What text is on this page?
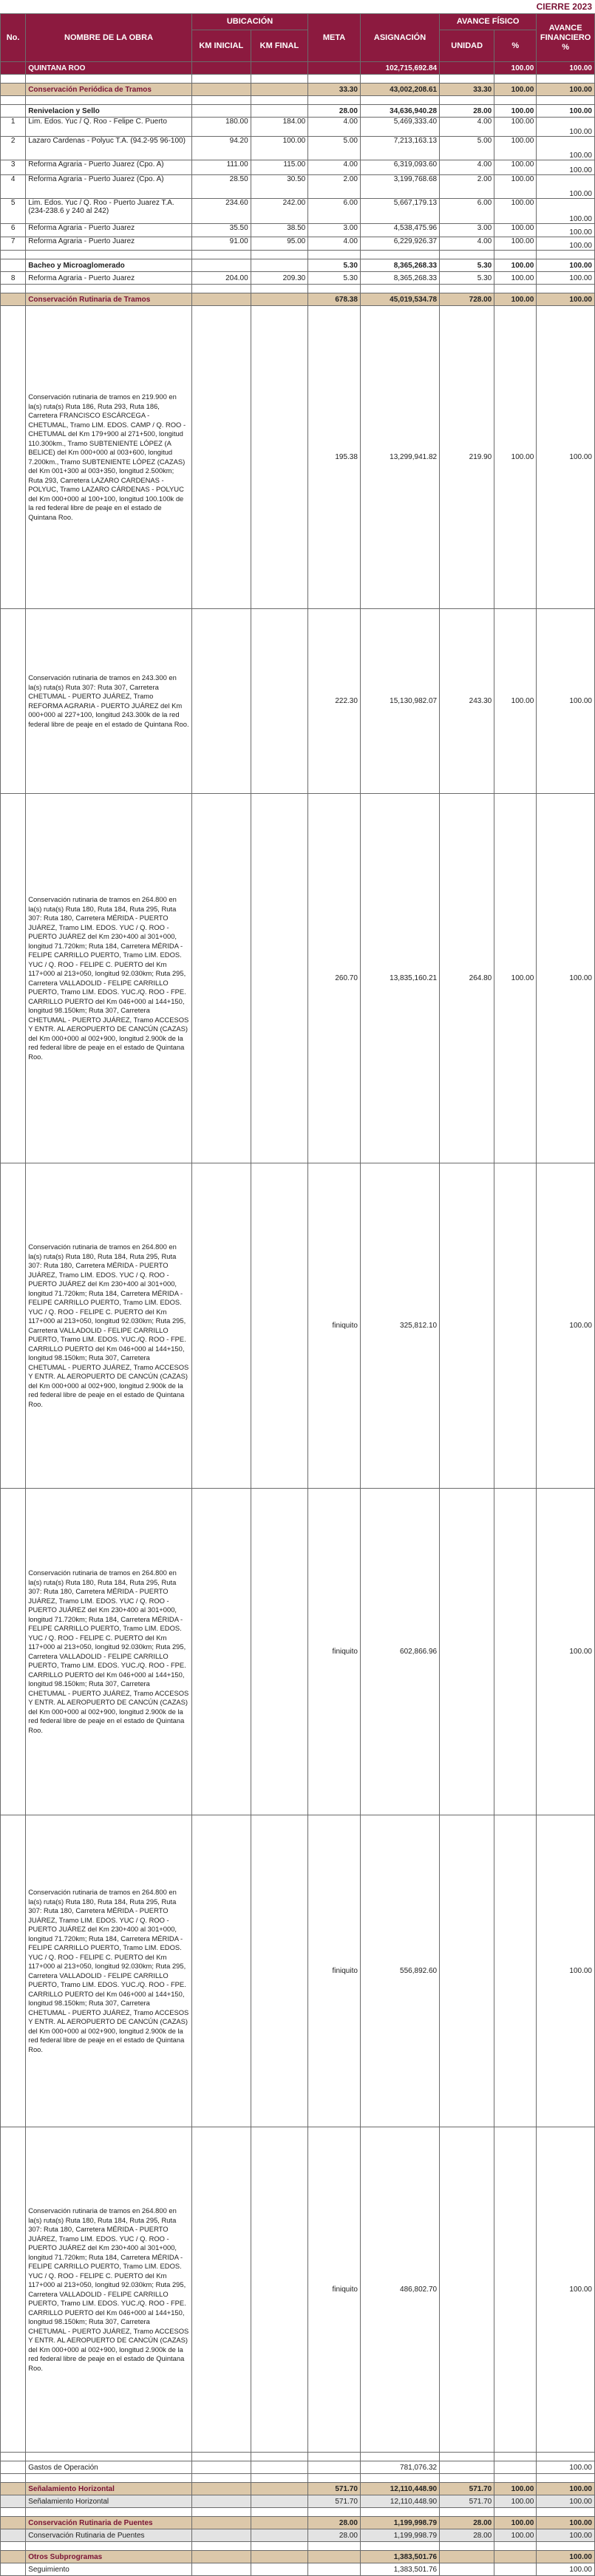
CIERRE 2023
No.	NOMBRE DE LA OBRA	UBICACIÓN		META	ASIGNACIÓN	AVANCE FÍSICO		AVANCE FINANCIERO %
		KM INICIAL	KM FINAL			UNIDAD	%	
	QUINTANA ROO				102,715,692.84		100.00	100.00

	Conservación Periódica de Tramos			33.30	43,002,208.61	33.30	100.00	100.00

	Renivelacion y Sello			28.00	34,636,940.28	28.00	100.00	100.00
1	Lim. Edos. Yuc / Q. Roo - Felipe C. Puerto	180.00	184.00	4.00	5,469,333.40	4.00	100.00	100.00
2	Lazaro Cardenas - Polyuc T.A. (94.2-95 96-100)	94.20	100.00	5.00	7,213,163.13	5.00	100.00	100.00
3	Reforma Agraria - Puerto Juarez (Cpo. A)	111.00	115.00	4.00	6,319,093.60	4.00	100.00	100.00
4	Reforma Agraria - Puerto Juarez (Cpo. A)	28.50	30.50	2.00	3,199,768.68	2.00	100.00	100.00
5	Lim. Edos. Yuc / Q. Roo - Puerto Juarez T.A. (234-238.6 y 240 al 242)	234.60	242.00	6.00	5,667,179.13	6.00	100.00	100.00
6	Reforma Agraria - Puerto Juarez	35.50	38.50	3.00	4,538,475.96	3.00	100.00	100.00
7	Reforma Agraria - Puerto Juarez	91.00	95.00	4.00	6,229,926.37	4.00	100.00	100.00

	Bacheo y Microaglomerado			5.30	8,365,268.33	5.30	100.00	100.00
8	Reforma Agraria - Puerto Juarez	204.00	209.30	5.30	8,365,268.33	5.30	100.00	100.00

	Conservación Rutinaria de Tramos			678.38	45,019,534.78	728.00	100.00	100.00
	Conservación rutinaria de tramos en 219.900 en la(s) ruta(s) Ruta 186, Ruta 293, Ruta 186, Carretera FRANCISCO ESCÁRCEGA - CHETUMAL, Tramo LIM. EDOS. CAMP / Q. ROO - CHETUMAL del Km 179+900 al 271+500, longitud 110.300km., Tramo SUBTENIENTE LÓPEZ (A BELICE) del Km 000+000 al 003+600, longitud 7.200km., Tramo SUBTENIENTE LÓPEZ (CAZAS) del Km 001+300 al 003+350, longitud 2.500km; Ruta 293, Carretera LAZARO CARDENAS - POLYUC, Tramo LAZARO CÁRDENAS - POLYUC del Km 000+000 al 100+100, longitud 100.100k de la red federal libre de peaje en el estado de Quintana Roo.			195.38	13,299,941.82	219.90	100.00	100.00
	Conservación rutinaria de tramos en 243.300 en la(s) ruta(s) Ruta 307: Ruta 307, Carretera CHETUMAL - PUERTO JUÁREZ, Tramo REFORMA AGRARIA - PUERTO JUÁREZ del Km 000+000 al 227+100, longitud 243.300k de la red federal libre de peaje en el estado de Quintana Roo.			222.30	15,130,982.07	243.30	100.00	100.00
	Conservación rutinaria de tramos en 264.800 en la(s) ruta(s) Ruta 180, Ruta 184, Ruta 295, Ruta 307: Ruta 180, Carretera MÉRIDA - PUERTO JUÁREZ, Tramo LIM. EDOS. YUC / Q. ROO - PUERTO JUÁREZ del Km 230+400 al 301+000, longitud 71.720km; Ruta 184, Carretera MÉRIDA - FELIPE CARRILLO PUERTO, Tramo LIM. EDOS. YUC / Q. ROO - FELIPE C. PUERTO del Km 117+000 al 213+050, longitud 92.030km; Ruta 295, Carretera VALLADOLID - FELIPE CARRILLO PUERTO, Tramo LIM. EDOS. YUC./Q. ROO - FPE. CARRILLO PUERTO del Km 046+000 al 144+150, longitud 98.150km; Ruta 307, Carretera CHETUMAL - PUERTO JUÁREZ, Tramo ACCESOS Y ENTR. AL AEROPUERTO DE CANCÚN (CAZAS) del Km 000+000 al 002+900, longitud 2.900k de la red federal libre de peaje en el estado de Quintana Roo.			260.70	13,835,160.21	264.80	100.00	100.00
	Conservación rutinaria de tramos en 264.800 en la(s) ruta(s) Ruta 180, Ruta 184, Ruta 295, Ruta 307: Ruta 180, Carretera MÉRIDA - PUERTO JUÁREZ, Tramo LIM. EDOS. YUC / Q. ROO - PUERTO JUÁREZ del Km 230+400 al 301+000, longitud 71.720km; Ruta 184, Carretera MÉRIDA - FELIPE CARRILLO PUERTO, Tramo LIM. EDOS. YUC / Q. ROO - FELIPE C. PUERTO del Km 117+000 al 213+050, longitud 92.030km; Ruta 295, Carretera VALLADOLID - FELIPE CARRILLO PUERTO, Tramo LIM. EDOS. YUC./Q. ROO - FPE. CARRILLO PUERTO del Km 046+000 al 144+150, longitud 98.150km; Ruta 307, Carretera CHETUMAL - PUERTO JUÁREZ, Tramo ACCESOS Y ENTR. AL AEROPUERTO DE CANCÚN (CAZAS) del Km 000+000 al 002+900, longitud 2.900k de la red federal libre de peaje en el estado de Quintana Roo.			finiquito	325,812.10			100.00
	Conservación rutinaria de tramos en 264.800 en la(s) ruta(s) Ruta 180, Ruta 184, Ruta 295, Ruta 307: Ruta 180, Carretera MÉRIDA - PUERTO JUÁREZ, Tramo LIM. EDOS. YUC / Q. ROO - PUERTO JUÁREZ del Km 230+400 al 301+000, longitud 71.720km; Ruta 184, Carretera MÉRIDA - FELIPE CARRILLO PUERTO, Tramo LIM. EDOS. YUC / Q. ROO - FELIPE C. PUERTO del Km 117+000 al 213+050, longitud 92.030km; Ruta 295, Carretera VALLADOLID - FELIPE CARRILLO PUERTO, Tramo LIM. EDOS. YUC./Q. ROO - FPE. CARRILLO PUERTO del Km 046+000 al 144+150, longitud 98.150km; Ruta 307, Carretera CHETUMAL - PUERTO JUÁREZ, Tramo ACCESOS Y ENTR. AL AEROPUERTO DE CANCÚN (CAZAS) del Km 000+000 al 002+900, longitud 2.900k de la red federal libre de peaje en el estado de Quintana Roo.			finiquito	602,866.96			100.00
	Conservación rutinaria de tramos en 264.800 en la(s) ruta(s) Ruta 180, Ruta 184, Ruta 295, Ruta 307: Ruta 180, Carretera MÉRIDA - PUERTO JUÁREZ, Tramo LIM. EDOS. YUC / Q. ROO - PUERTO JUÁREZ del Km 230+400 al 301+000, longitud 71.720km; Ruta 184, Carretera MÉRIDA - FELIPE CARRILLO PUERTO, Tramo LIM. EDOS. YUC / Q. ROO - FELIPE C. PUERTO del Km 117+000 al 213+050, longitud 92.030km; Ruta 295, Carretera VALLADOLID - FELIPE CARRILLO PUERTO, Tramo LIM. EDOS. YUC./Q. ROO - FPE. CARRILLO PUERTO del Km 046+000 al 144+150, longitud 98.150km; Ruta 307, Carretera CHETUMAL - PUERTO JUÁREZ, Tramo ACCESOS Y ENTR. AL AEROPUERTO DE CANCÚN (CAZAS) del Km 000+000 al 002+900, longitud 2.900k de la red federal libre de peaje en el estado de Quintana Roo.			finiquito	556,892.60			100.00
	Conservación rutinaria de tramos en 264.800 en la(s) ruta(s) Ruta 180, Ruta 184, Ruta 295, Ruta 307: Ruta 180, Carretera MÉRIDA - PUERTO JUÁREZ, Tramo LIM. EDOS. YUC / Q. ROO - PUERTO JUÁREZ del Km 230+400 al 301+000, longitud 71.720km; Ruta 184, Carretera MÉRIDA - FELIPE CARRILLO PUERTO, Tramo LIM. EDOS. YUC / Q. ROO - FELIPE C. PUERTO del Km 117+000 al 213+050, longitud 92.030km; Ruta 295, Carretera VALLADOLID - FELIPE CARRILLO PUERTO, Tramo LIM. EDOS. YUC./Q. ROO - FPE. CARRILLO PUERTO del Km 046+000 al 144+150, longitud 98.150km; Ruta 307, Carretera CHETUMAL - PUERTO JUÁREZ, Tramo ACCESOS Y ENTR. AL AEROPUERTO DE CANCÚN (CAZAS) del Km 000+000 al 002+900, longitud 2.900k de la red federal libre de peaje en el estado de Quintana Roo.			finiquito	486,802.70			100.00

	Gastos de Operación				781,076.32			100.00

	Señalamiento Horizontal			571.70	12,110,448.90	571.70	100.00	100.00
	Señalamiento Horizontal			571.70	12,110,448.90	571.70	100.00	100.00

	Conservación Rutinaria de Puentes			28.00	1,199,998.79	28.00	100.00	100.00
	Conservación Rutinaria de Puentes			28.00	1,199,998.79	28.00	100.00	100.00

	Otros Subprogramas				1,383,501.76			100.00
	Seguimiento				1,383,501.76			100.00
